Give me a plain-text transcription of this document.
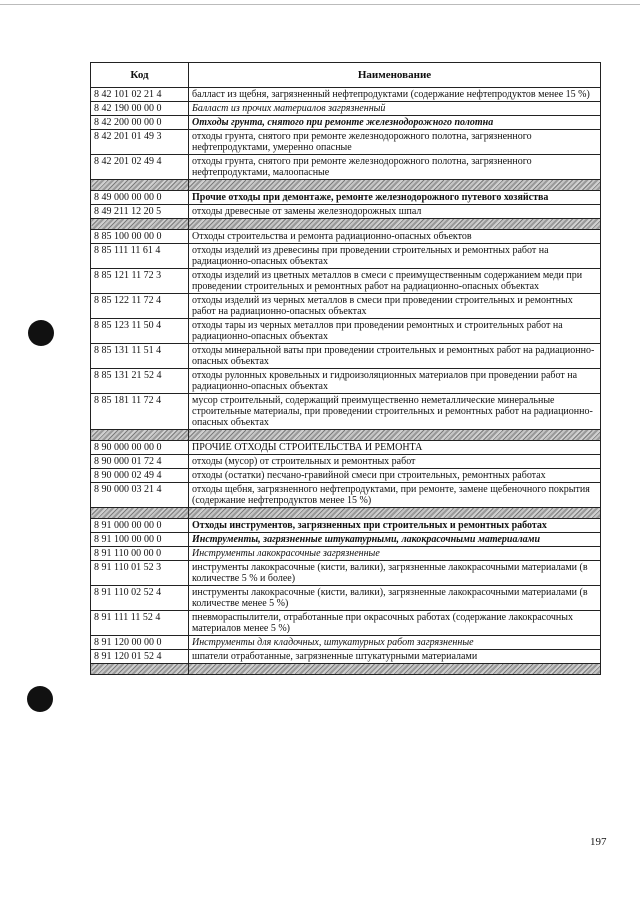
Код	Наименование
8 42 101 02 21 4	балласт из щебня, загрязненный нефтепродуктами (содержание нефтепродуктов менее 15 %)
8 42 190 00 00 0	Балласт из прочих материалов загрязненный
8 42 200 00 00 0	Отходы грунта, снятого при ремонте железнодорожного полотна
8 42 201 01 49 3	отходы грунта, снятого при ремонте железнодорожного полотна, загрязненного нефтепродуктами, умеренно опасные
8 42 201 02 49 4	отходы грунта, снятого при ремонте железнодорожного полотна, загрязненного нефтепродуктами, малоопасные

8 49 000 00 00 0	Прочие отходы при демонтаже, ремонте железнодорожного путевого хозяйства
8 49 211 12 20 5	отходы древесные от замены железнодорожных шпал

8 85 100 00 00 0	Отходы строительства и ремонта радиационно-опасных объектов
8 85 111 11 61 4	отходы изделий из древесины при проведении строительных и ремонтных работ на радиационно-опасных объектах
8 85 121 11 72 3	отходы изделий из цветных металлов в смеси с преимущественным содержанием меди при проведении строительных и ремонтных работ на радиационно-опасных объектах
8 85 122 11 72 4	отходы изделий из черных металлов в смеси при проведении строительных и ремонтных работ на радиационно-опасных объектах
8 85 123 11 50 4	отходы тары из черных металлов при проведении ремонтных и строительных работ на радиационно-опасных объектах
8 85 131 11 51 4	отходы минеральной ваты при проведении строительных и ремонтных работ на радиационно-опасных объектах
8 85 131 21 52 4	отходы рулонных кровельных и гидроизоляционных материалов при проведении работ на радиационно-опасных объектах
8 85 181 11 72 4	мусор строительный, содержащий преимущественно неметаллические минеральные строительные материалы, при проведении строительных и ремонтных работ на радиационно-опасных объектах

8 90 000 00 00 0	ПРОЧИЕ ОТХОДЫ СТРОИТЕЛЬСТВА И РЕМОНТА
8 90 000 01 72 4	отходы (мусор) от строительных и ремонтных работ
8 90 000 02 49 4	отходы (остатки) песчано-гравийной смеси при строительных, ремонтных работах
8 90 000 03 21 4	отходы щебня, загрязненного нефтепродуктами, при ремонте, замене щебеночного покрытия (содержание нефтепродуктов менее 15 %)

8 91 000 00 00 0	Отходы инструментов, загрязненных при строительных и ремонтных работах
8 91 100 00 00 0	Инструменты, загрязненные штукатурными, лакокрасочными материалами
8 91 110 00 00 0	Инструменты лакокрасочные загрязненные
8 91 110 01 52 3	инструменты лакокрасочные (кисти, валики), загрязненные лакокрасочными материалами (в количестве 5 % и более)
8 91 110 02 52 4	инструменты лакокрасочные (кисти, валики), загрязненные лакокрасочными материалами (в количестве менее 5 %)
8 91 111 11 52 4	пневмораспылители, отработанные при окрасочных работах (содержание лакокрасочных материалов менее 5 %)
8 91 120 00 00 0	Инструменты для кладочных, штукатурных работ загрязненные
8 91 120 01 52 4	шпатели отработанные, загрязненные штукатурными материалами

197
